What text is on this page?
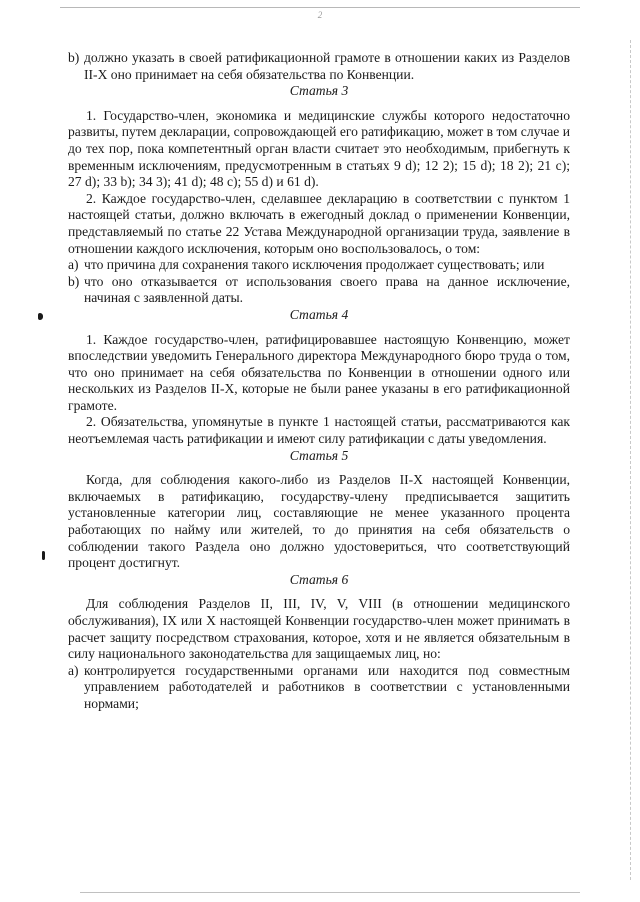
2
b) должно указать в своей ратификационной грамоте в отношении каких из Разделов II-X оно принимает на себя обязательства по Конвенции.

Статья 3

1. Государство-член, экономика и медицинские службы которого недостаточно развиты, путем декларации, сопровождающей его ратификацию, может в том случае и до тех пор, пока компетентный орган власти считает это необходимым, прибегнуть к временным исключениям, предусмотренным в статьях 9 d); 12 2); 15 d); 18 2); 21 c); 27 d); 33 b); 34 3); 41 d); 48 c); 55 d) и 61 d).

2. Каждое государство-член, сделавшее декларацию в соответствии с пунктом 1 настоящей статьи, должно включать в ежегодный доклад о применении Конвенции, представляемый по статье 22 Устава Международной организации труда, заявление в отношении каждого исключения, которым оно воспользовалось, о том:

a) что причина для сохранения такого исключения продолжает существовать; или
b) что оно отказывается от использования своего права на данное исключение, начиная с заявленной даты.

Статья 4

1. Каждое государство-член, ратифицировавшее настоящую Конвенцию, может впоследствии уведомить Генерального директора Международного бюро труда о том, что оно принимает на себя обязательства по Конвенции в отношении одного или нескольких из Разделов II-X, которые не были ранее указаны в его ратификационной грамоте.

2. Обязательства, упомянутые в пункте 1 настоящей статьи, рассматриваются как неотъемлемая часть ратификации и имеют силу ратификации с даты уведомления.

Статья 5

Когда, для соблюдения какого-либо из Разделов II-X настоящей Конвенции, включаемых в ратификацию, государству-члену предписывается защитить установленные категории лиц, составляющие не менее указанного процента работающих по найму или жителей, то до принятия на себя обязательств о соблюдении такого Раздела оно должно удостовериться, что соответствующий процент достигнут.

Статья 6

Для соблюдения Разделов II, III, IV, V, VIII (в отношении медицинского обслуживания), IX или X настоящей Конвенции государство-член может принимать в расчет защиту посредством страхования, которое, хотя и не является обязательным в силу национального законодательства для защищаемых лиц, но:

a) контролируется государственными органами или находится под совместным управлением работодателей и работников в соответствии с установленными нормами;
